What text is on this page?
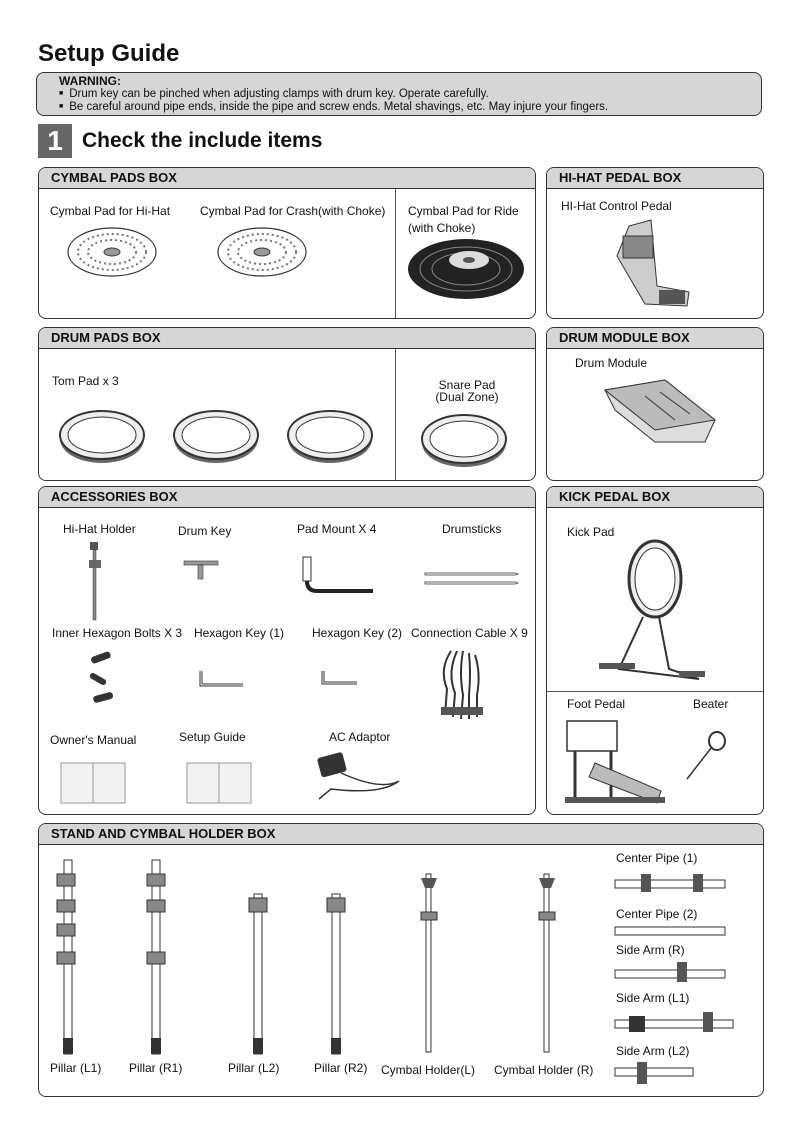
Setup Guide
WARNING:
■ Drum key can be pinched when adjusting clamps with drum key. Operate carefully.
■ Be careful around pipe ends, inside the pipe and screw ends. Metal shavings, etc. May injure your fingers.
1 Check the include items
CYMBAL PADS BOX
Cymbal Pad for Hi-Hat Cymbal Pad for Crash(with Choke) Cymbal Pad for Ride
(with Choke)
HI-HAT PEDAL BOX
HI-Hat Control Pedal
DRUM PADS BOX
Tom Pad x 3	Snare Pad
(Dual Zone)
DRUM MODULE BOX
Drum Module
ACCESSORIES BOX
Hi-Hat Holder	Drum Key	Pad Mount X 4	Drumsticks
Inner Hexagon Bolts X 3 Hexagon Key (1) Hexagon Key (2) Connection Cable X 9
Owner's Manual	Setup Guide	AC Adaptor
KICK PEDAL BOX
Kick Pad
Foot Pedal	Beater
STAND AND CYMBAL HOLDER BOX
Pillar (L1) Pillar (R1)	Pillar (L2)	Pillar (R2) Cymbal Holder(L) Cymbal Holder (R)
Center Pipe (1)
Center Pipe (2)
Side Arm (R)
Side Arm (L1)
Side Arm (L2)
